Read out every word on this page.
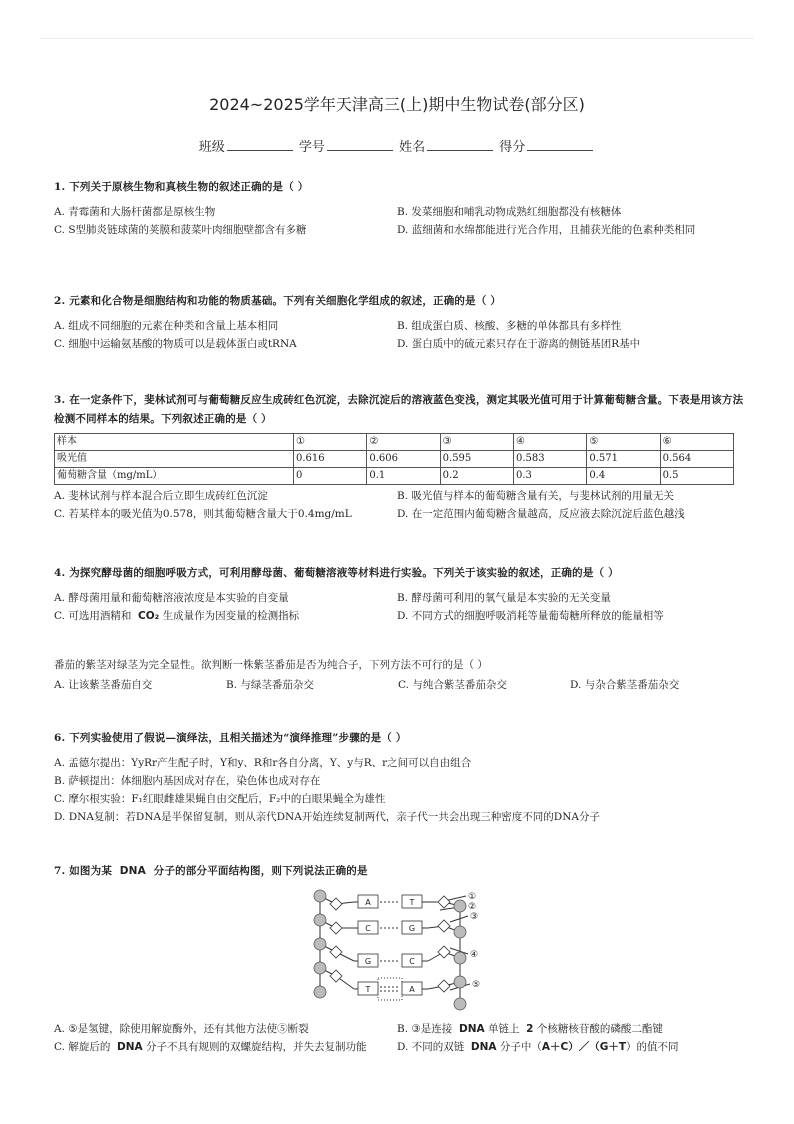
2024~2025学年天津高三(上)期中生物试卷(部分区)
班级	学号	姓名	得分
1. 下列关于原核生物和真核生物的叙述正确的是（ ）
A. 青霉菌和大肠杆菌都是原核生物	B. 发菜细胞和哺乳动物成熟红细胞都没有核糖体
C. S型肺炎链球菌的荚膜和菠菜叶肉细胞壁都含有多糖	D. 蓝细菌和水绵都能进行光合作用，且捕获光能的色素种类相同
2. 元素和化合物是细胞结构和功能的物质基础。下列有关细胞化学组成的叙述，正确的是（ ）
A. 组成不同细胞的元素在种类和含量上基本相同	B. 组成蛋白质、核酸、多糖的单体都具有多样性
C. 细胞中运输氨基酸的物质可以是载体蛋白或tRNA	D. 蛋白质中的硫元素只存在于游离的侧链基团R基中
3. 在一定条件下，斐林试剂可与葡萄糖反应生成砖红色沉淀，去除沉淀后的溶液蓝色变浅，测定其吸光值可用于计算葡萄糖含量。下表是用该方法检测不同样本的结果。下列叙述正确的是（ ）
样本	①	②	③	④	⑤	⑥
吸光值	0.616	0.606	0.595	0.583	0.571	0.564
葡萄糖含量（mg/mL）	0	0.1	0.2	0.3	0.4	0.5
A. 斐林试剂与样本混合后立即生成砖红色沉淀	B. 吸光值与样本的葡萄糖含量有关，与斐林试剂的用量无关
C. 若某样本的吸光值为0.578，则其葡萄糖含量大于0.4mg/mL	D. 在一定范围内葡萄糖含量越高，反应液去除沉淀后蓝色越浅
4. 为探究酵母菌的细胞呼吸方式，可利用酵母菌、葡萄糖溶液等材料进行实验。下列关于该实验的叙述，正确的是（ ）
A. 酵母菌用量和葡萄糖溶液浓度是本实验的自变量	B. 酵母菌可利用的氧气量是本实验的无关变量
C. 可选用酒精和 CO₂ 生成量作为因变量的检测指标	D. 不同方式的细胞呼吸消耗等量葡萄糖所释放的能量相等
番茄的紫茎对绿茎为完全显性。欲判断一株紫茎番茄是否为纯合子，下列方法不可行的是（ ）
A. 让该紫茎番茄自交	B. 与绿茎番茄杂交	C. 与纯合紫茎番茄杂交	D. 与杂合紫茎番茄杂交
6. 下列实验使用了假说—演绎法，且相关描述为“演绎推理”步骤的是（ ）
A. 孟德尔提出：YyRr产生配子时，Y和y、R和r各自分离，Y、y与R、r之间可以自由组合
B. 萨顿提出：体细胞内基因成对存在，染色体也成对存在
C. 摩尔根实验：F₁红眼雌雄果蝇自由交配后，F₂中的白眼果蝇全为雄性
D. DNA复制：若DNA是半保留复制，则从亲代DNA开始连续复制两代，亲子代一共会出现三种密度不同的DNA分子
7. 如图为某 DNA 分子的部分平面结构图，则下列说法正确的是
A
C
G
T
T
G
C
A
①
②
③
④
⑤
A. ⑤是氢键，除使用解旋酶外，还有其他方法使⑤断裂	B. ③是连接 DNA 单链上 2 个核糖核苷酸的磷酸二酯键
C. 解旋后的 DNA 分子不具有规则的双螺旋结构，并失去复制功能	D. 不同的双链 DNA 分子中（A＋C）／（G＋T）的值不同
